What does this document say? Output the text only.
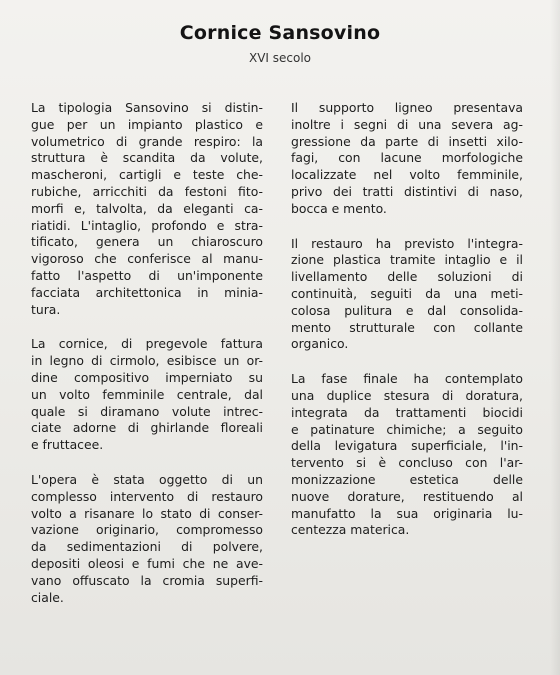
Cornice Sansovino

XVI secolo

La tipologia Sansovino si distin-
gue per un impianto plastico e
volumetrico di grande respiro: la
struttura è scandita da volute,
mascheroni, cartigli e teste che-
rubiche, arricchiti da festoni fito-
morfi e, talvolta, da eleganti ca-
riatidi. L'intaglio, profondo e stra-
tificato, genera un chiaroscuro
vigoroso che conferisce al manu-
fatto l'aspetto di un'imponente
facciata architettonica in minia-
tura.

La cornice, di pregevole fattura
in legno di cirmolo, esibisce un or-
dine compositivo imperniato su
un volto femminile centrale, dal
quale si diramano volute intrec-
ciate adorne di ghirlande floreali
e fruttacee.

L'opera è stata oggetto di un
complesso intervento di restauro
volto a risanare lo stato di conser-
vazione originario, compromesso
da sedimentazioni di polvere,
depositi oleosi e fumi che ne ave-
vano offuscato la cromia superfi-
ciale.

Il supporto ligneo presentava
inoltre i segni di una severa ag-
gressione da parte di insetti xilo-
fagi, con lacune morfologiche
localizzate nel volto femminile,
privo dei tratti distintivi di naso,
bocca e mento.

Il restauro ha previsto l'integra-
zione plastica tramite intaglio e il
livellamento delle soluzioni di
continuità, seguiti da una meti-
colosa pulitura e dal consolida-
mento strutturale con collante
organico.

La fase finale ha contemplato
una duplice stesura di doratura,
integrata da trattamenti biocidi
e patinature chimiche; a seguito
della levigatura superficiale, l'in-
tervento si è concluso con l'ar-
monizzazione estetica delle
nuove dorature, restituendo al
manufatto la sua originaria lu-
centezza materica.
